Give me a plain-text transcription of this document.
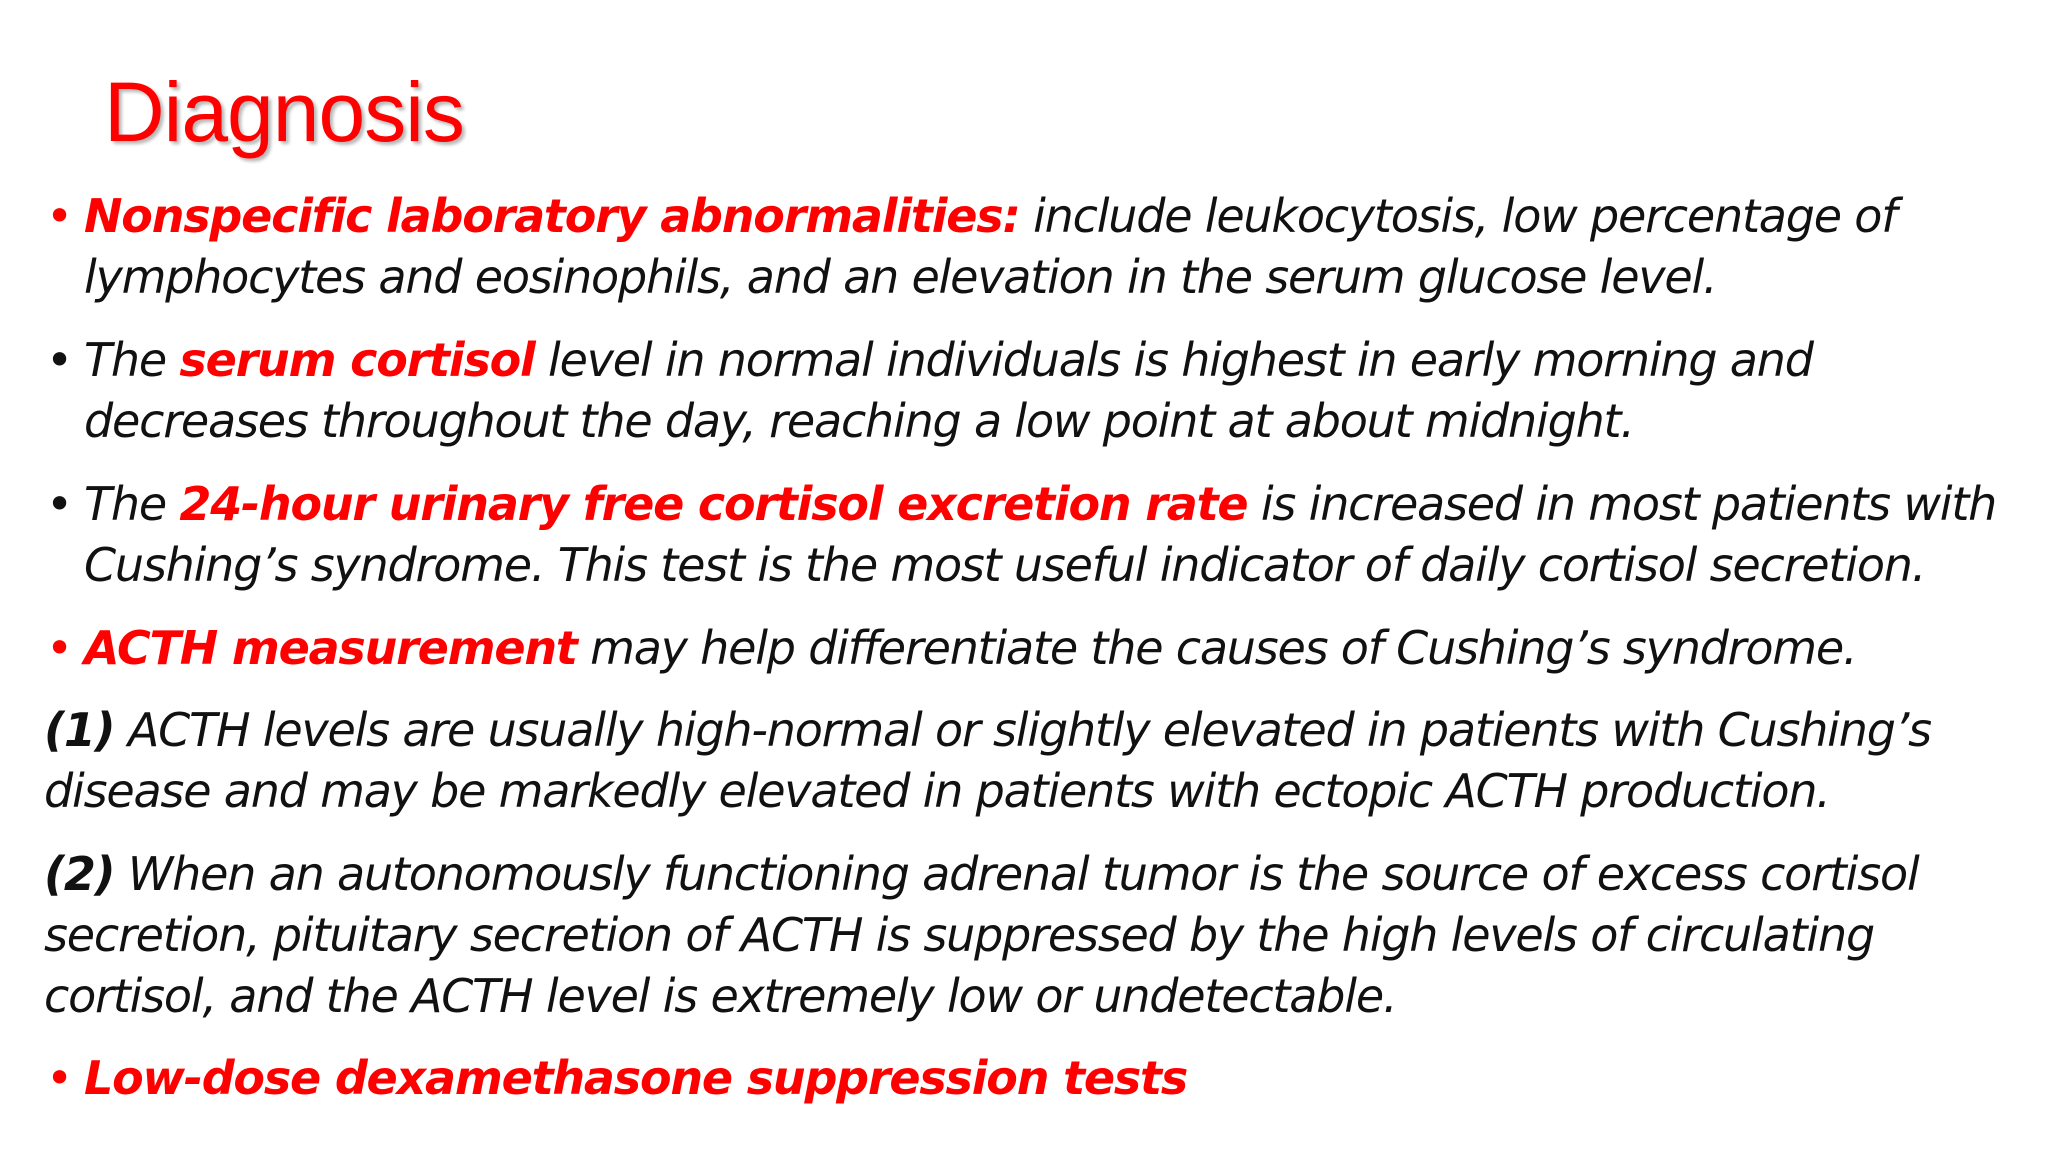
Diagnosis
• Nonspecific laboratory abnormalities: include leukocytosis, low percentage of
lymphocytes and eosinophils, and an elevation in the serum glucose level.
• The serum cortisol level in normal individuals is highest in early morning and
decreases throughout the day, reaching a low point at about midnight.
• The 24-hour urinary free cortisol excretion rate is increased in most patients with
Cushing’s syndrome. This test is the most useful indicator of daily cortisol secretion.
• ACTH measurement may help differentiate the causes of Cushing’s syndrome.
(1) ACTH levels are usually high-normal or slightly elevated in patients with Cushing’s
disease and may be markedly elevated in patients with ectopic ACTH production.
(2) When an autonomously functioning adrenal tumor is the source of excess cortisol
secretion, pituitary secretion of ACTH is suppressed by the high levels of circulating
cortisol, and the ACTH level is extremely low or undetectable.
• Low-dose dexamethasone suppression tests
